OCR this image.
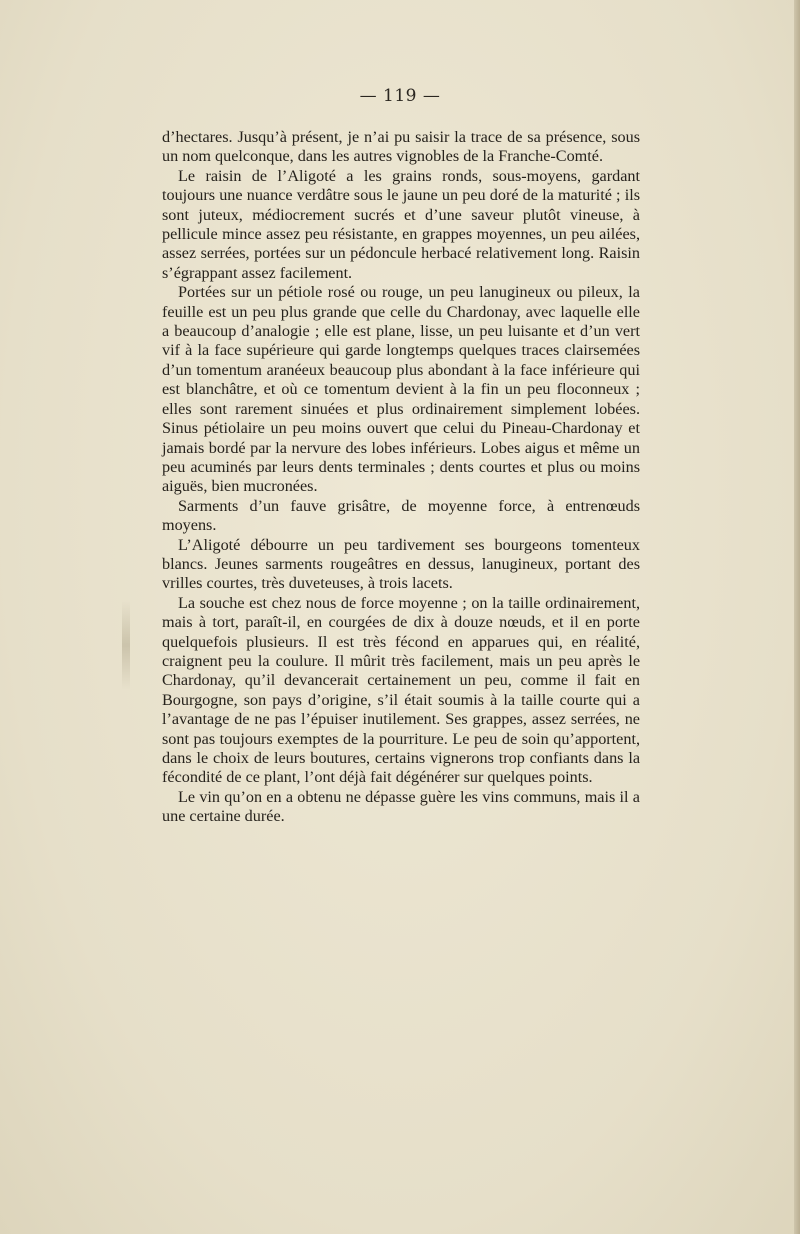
— 119 —

d’hectares. Jusqu’à présent, je n’ai pu saisir la trace de sa présence, sous un nom quelconque, dans les autres vignobles de la Franche-Comté.

Le raisin de l’Aligoté a les grains ronds, sous-moyens, gardant toujours une nuance verdâtre sous le jaune un peu doré de la maturité ; ils sont juteux, médiocrement sucrés et d’une saveur plutôt vineuse, à pellicule mince assez peu résistante, en grappes moyennes, un peu ailées, assez serrées, portées sur un pédoncule herbacé relativement long. Raisin s’égrappant assez facilement.

Portées sur un pétiole rosé ou rouge, un peu lanugineux ou pileux, la feuille est un peu plus grande que celle du Chardonay, avec laquelle elle a beaucoup d’analogie ; elle est plane, lisse, un peu luisante et d’un vert vif à la face supérieure qui garde longtemps quelques traces clairsemées d’un tomentum aranéeux beaucoup plus abondant à la face inférieure qui est blanchâtre, et où ce tomentum devient à la fin un peu floconneux ; elles sont rarement sinuées et plus ordinairement simplement lobées. Sinus pétiolaire un peu moins ouvert que celui du Pineau-Chardonay et jamais bordé par la nervure des lobes inférieurs. Lobes aigus et même un peu acuminés par leurs dents terminales ; dents courtes et plus ou moins aiguës, bien mucronées.

Sarments d’un fauve grisâtre, de moyenne force, à entrenœuds moyens.

L’Aligoté débourre un peu tardivement ses bourgeons tomenteux blancs. Jeunes sarments rougeâtres en dessus, lanugineux, portant des vrilles courtes, très duveteuses, à trois lacets.

La souche est chez nous de force moyenne ; on la taille ordinairement, mais à tort, paraît-il, en courgées de dix à douze nœuds, et il en porte quelquefois plusieurs. Il est très fécond en apparues qui, en réalité, craignent peu la coulure. Il mûrit très facilement, mais un peu après le Chardonay, qu’il devancerait certainement un peu, comme il fait en Bourgogne, son pays d’origine, s’il était soumis à la taille courte qui a l’avantage de ne pas l’épuiser inutilement. Ses grappes, assez serrées, ne sont pas toujours exemptes de la pourriture. Le peu de soin qu’apportent, dans le choix de leurs boutures, certains vignerons trop confiants dans la fécondité de ce plant, l’ont déjà fait dégénérer sur quelques points.

Le vin qu’on en a obtenu ne dépasse guère les vins communs, mais il a une certaine durée.
